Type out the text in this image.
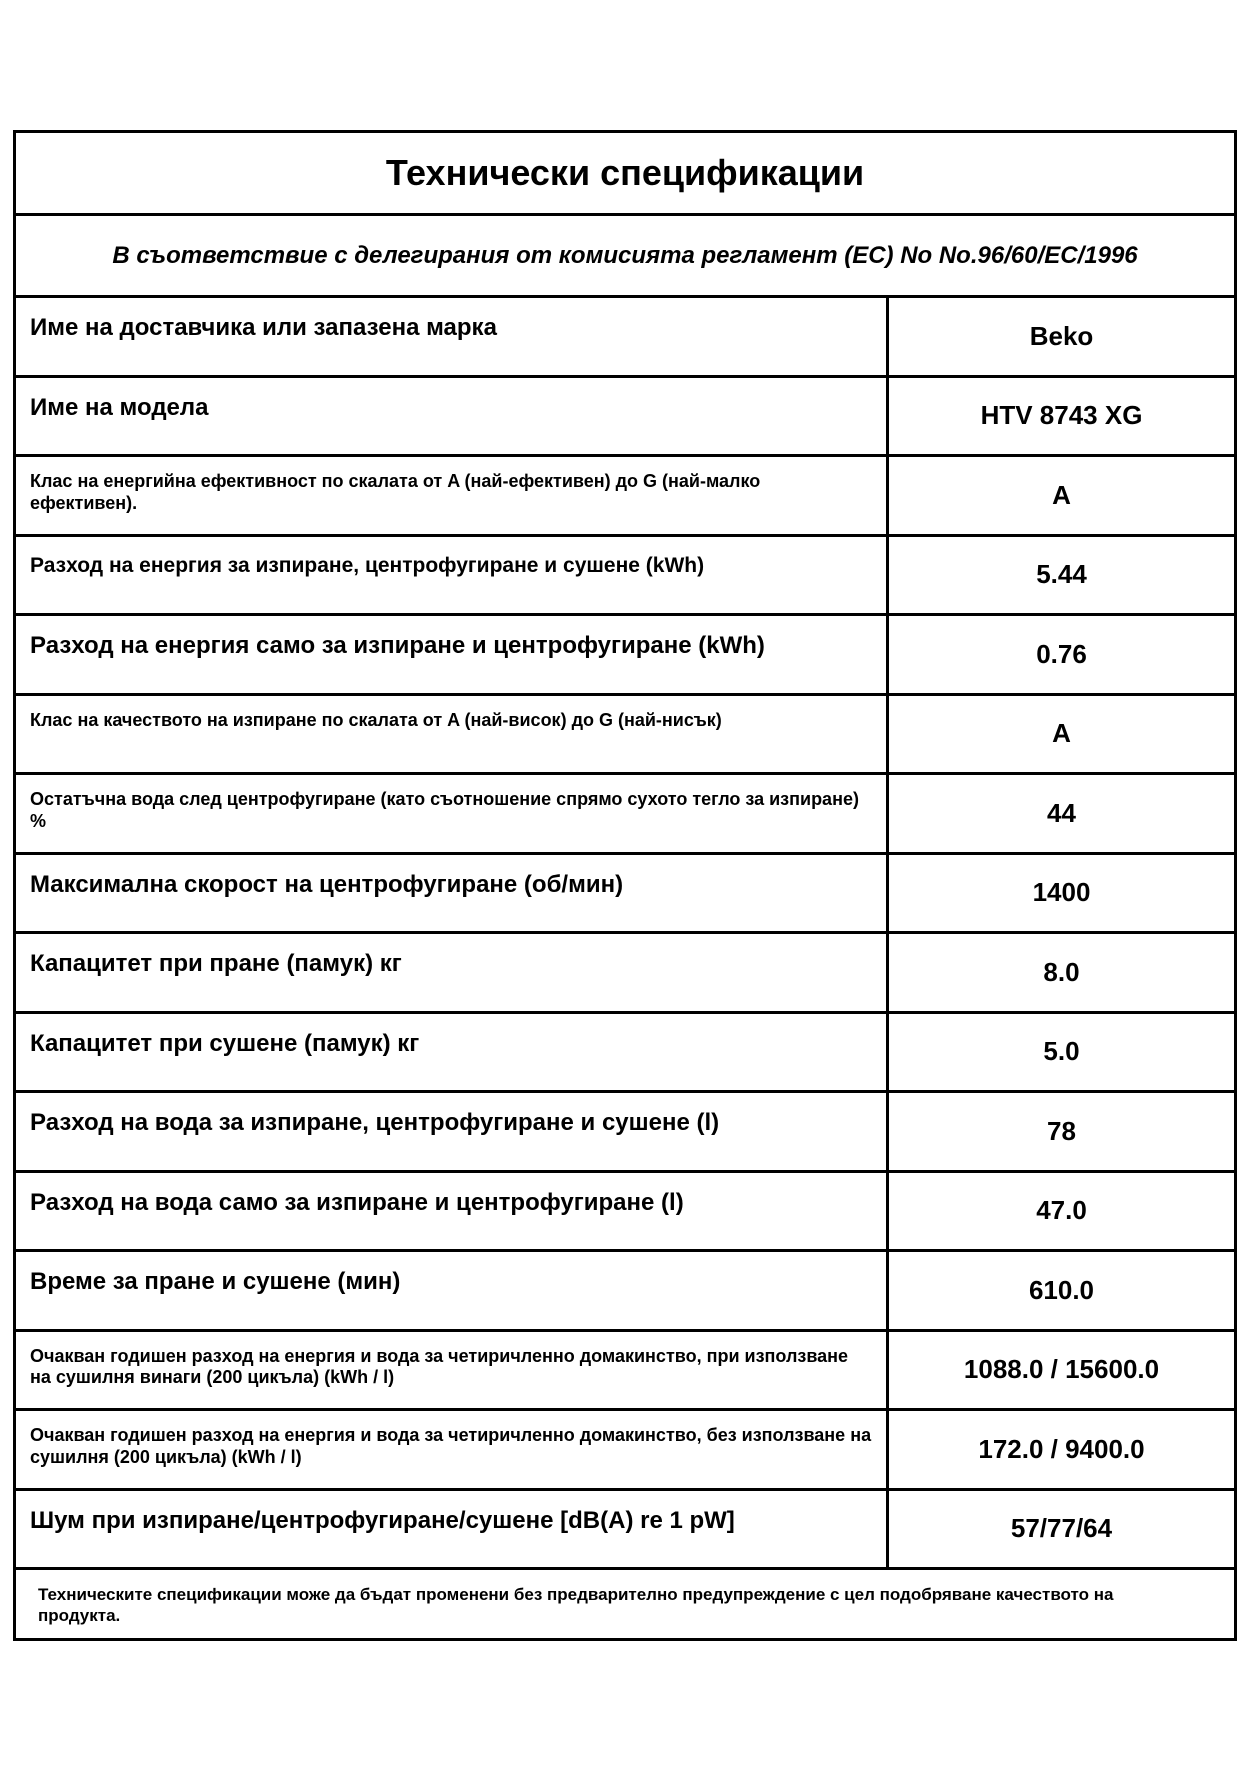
Технически спецификации
В съответствие с делегирания от комисията регламент (EC) No No.96/60/EC/1996
Име на доставчика или запазена марка	Beko
Име на модела	HTV 8743 XG
Клас на енергийна ефективност по скалата от A (най-ефективен) до G (най-малко ефективен).	A
Разход на енергия за изпиране, центрофугиране и сушене (kWh)	5.44
Разход на енергия само за изпиране и центрофугиране (kWh)	0.76
Клас на качеството на изпиране по скалата от A (най-висок) до G (най-нисък)	A
Остатъчна вода след центрофугиране (като съотношение спрямо сухото тегло за изпиране) %	44
Максимална скорост на центрофугиране (об/мин)	1400
Капацитет при пране (памук) кг	8.0
Капацитет при сушене (памук) кг	5.0
Разход на вода за изпиране, центрофугиране и сушене (l)	78
Разход на вода само за изпиране и центрофугиране (l)	47.0
Време за пране и сушене (мин)	610.0
Очакван годишен разход на енергия и вода за четиричленно домакинство, при използване на сушилня винаги (200 цикъла) (kWh / l)	1088.0 / 15600.0
Очакван годишен разход на енергия и вода за четиричленно домакинство, без използване на сушилня (200 цикъла) (kWh / l)	172.0 / 9400.0
Шум при изпиране/центрофугиране/сушене [dB(A) re 1 pW]	57/77/64
Техническите спецификации може да бъдат променени без предварително предупреждение с цел подобряване качеството на продукта.
